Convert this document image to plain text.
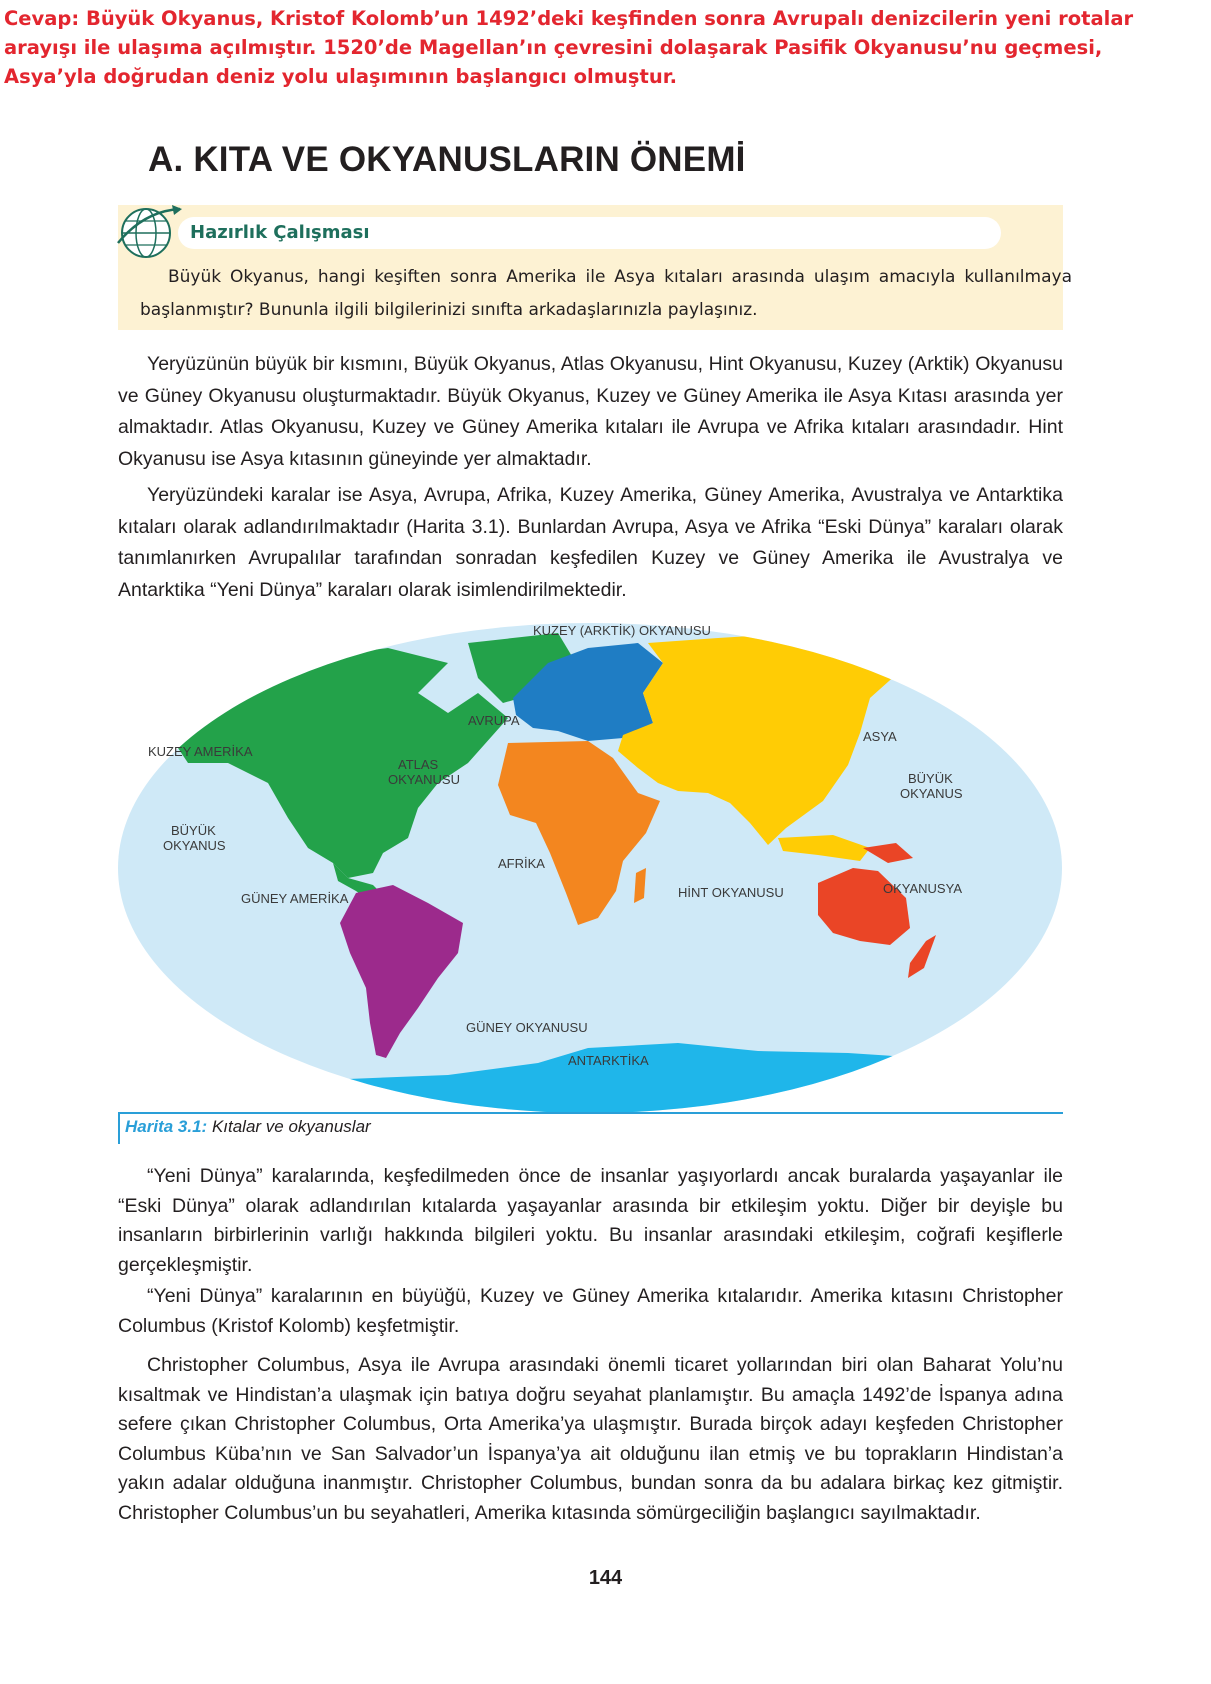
Cevap: Büyük Okyanus, Kristof Kolomb’un 1492’deki keşfinden sonra Avrupalı denizcilerin yeni rotalar
arayışı ile ulaşıma açılmıştır. 1520’de Magellan’ın çevresini dolaşarak Pasifik Okyanusu’nu geçmesi,
Asya’yla doğrudan deniz yolu ulaşımının başlangıcı olmuştur.
A. KITA VE OKYANUSLARIN ÖNEMİ
Hazırlık Çalışması
Büyük Okyanus, hangi keşiften sonra Amerika ile Asya kıtaları arasında ulaşım amacıyla kullanılmaya başlanmıştır? Bununla ilgili bilgilerinizi sınıfta arkadaşlarınızla paylaşınız.

Yeryüzünün büyük bir kısmını, Büyük Okyanus, Atlas Okyanusu, Hint Okyanusu, Kuzey (Arktik) Okyanusu ve Güney Okyanusu oluşturmaktadır. Büyük Okyanus, Kuzey ve Güney Amerika ile Asya Kıtası arasında yer almaktadır. Atlas Okyanusu, Kuzey ve Güney Amerika kıtaları ile Avrupa ve Afrika kıtaları arasındadır. Hint Okyanusu ise Asya kıtasının güneyinde yer almaktadır.

Yeryüzündeki karalar ise Asya, Avrupa, Afrika, Kuzey Amerika, Güney Amerika, Avustralya ve Antarktika kıtaları olarak adlandırılmaktadır (Harita 3.1). Bunlardan Avrupa, Asya ve Afrika “Eski Dünya” karaları olarak tanımlanırken Avrupalılar tarafından sonradan keşfedilen Kuzey ve Güney Amerika ile Avustralya ve Antarktika “Yeni Dünya” karaları olarak isimlendirilmektedir.

KUZEY (ARKTİK) OKYANUSU
AVRUPA
ASYA
KUZEY AMERİKA
ATLAS
OKYANUSU	BÜYÜK
OKYANUS
BÜYÜK
OKYANUS
AFRİKA
GÜNEY AMERİKA	HİNT OKYANUSU	OKYANUSYA
GÜNEY OKYANUSU
ANTARKTİKA
Harita 3.1: Kıtalar ve okyanuslar

“Yeni Dünya” karalarında, keşfedilmeden önce de insanlar yaşıyorlardı ancak buralarda yaşayanlar ile “Eski Dünya” olarak adlandırılan kıtalarda yaşayanlar arasında bir etkileşim yoktu. Diğer bir deyişle bu insanların birbirlerinin varlığı hakkında bilgileri yoktu. Bu insanlar arasındaki etkileşim, coğrafi keşiflerle gerçekleşmiştir.

“Yeni Dünya” karalarının en büyüğü, Kuzey ve Güney Amerika kıtalarıdır. Amerika kıtasını Christopher Columbus (Kristof Kolomb) keşfetmiştir.

Christopher Columbus, Asya ile Avrupa arasındaki önemli ticaret yollarından biri olan Baharat Yolu’nu kısaltmak ve Hindistan’a ulaşmak için batıya doğru seyahat planlamıştır. Bu amaçla 1492’de İspanya adına sefere çıkan Christopher Columbus, Orta Amerika’ya ulaşmıştır. Burada birçok adayı keşfeden Christopher Columbus Küba’nın ve San Salvador’un İspanya’ya ait olduğunu ilan etmiş ve bu toprakların Hindistan’a yakın adalar olduğuna inanmıştır. Christopher Columbus, bundan sonra da bu adalara birkaç kez gitmiştir. Christopher Columbus’un bu seyahatleri, Amerika kıtasında sömürgeciliğin başlangıcı sayılmaktadır.

144
